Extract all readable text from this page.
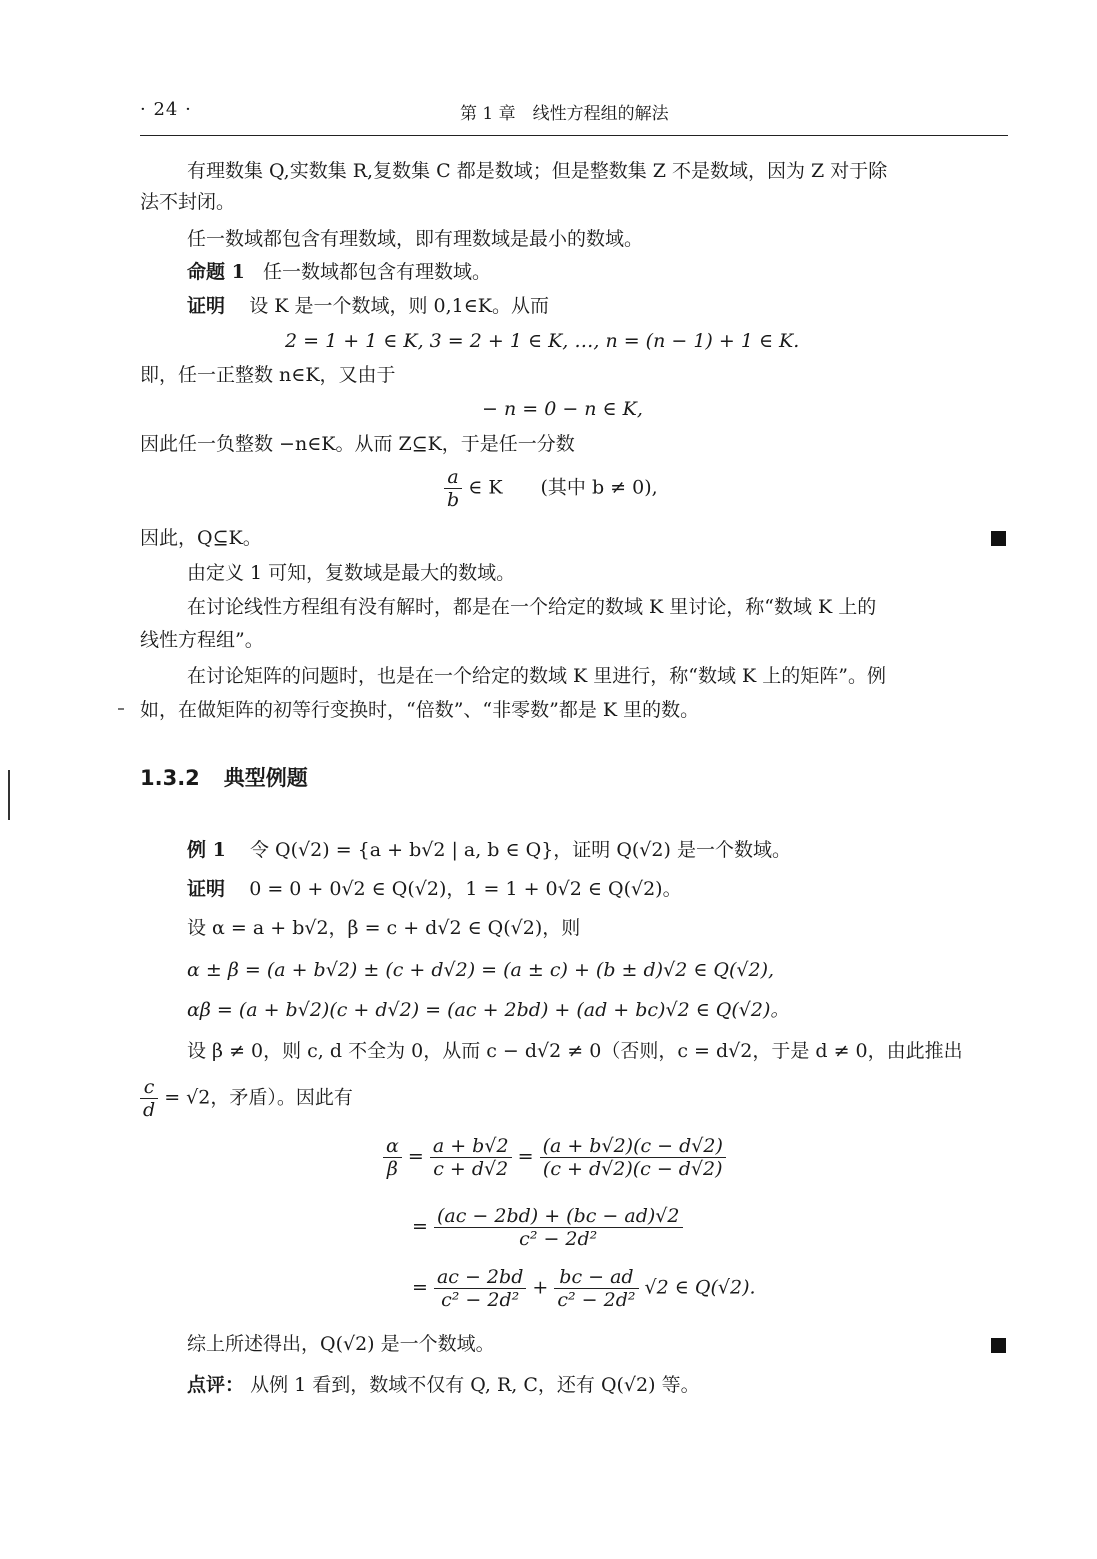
· 24 ·	第 1 章　线性方程组的解法
有理数集 Q,实数集 R,复数集 C 都是数域；但是整数集 Z 不是数域，因为 Z 对于除
法不封闭。
任一数域都包含有理数域，即有理数域是最小的数域。
命题 1 任一数域都包含有理数域。
证明 设 K 是一个数域，则 0,1∈K。从而
2 = 1 + 1 ∈ K, 3 = 2 + 1 ∈ K, …, n = (n − 1) + 1 ∈ K.
即，任一正整数 n∈K，又由于
− n = 0 − n ∈ K,
因此任一负整数 −n∈K。从而 Z⊆K，于是任一分数
$\frac{a}{b}$ ∈ K　　(其中 b ≠ 0),
因此，Q⊆K。
由定义 1 可知，复数域是最大的数域。
在讨论线性方程组有没有解时，都是在一个给定的数域 K 里讨论，称“数域 K 上的
线性方程组”。
在讨论矩阵的问题时，也是在一个给定的数域 K 里进行，称“数域 K 上的矩阵”。例
如，在做矩阵的初等行变换时，“倍数”、“非零数”都是 K 里的数。
1.3.2 典型例题
例 1 令 Q(√2) = {a + b√2 | a, b ∈ Q}，证明 Q(√2) 是一个数域。
证明 0 = 0 + 0√2 ∈ Q(√2)，1 = 1 + 0√2 ∈ Q(√2)。
设 α = a + b√2，β = c + d√2 ∈ Q(√2)，则
α ± β = (a + b√2) ± (c + d√2) = (a ± c) + (b ± d)√2 ∈ Q(√2),
αβ = (a + b√2)(c + d√2) = (ac + 2bd) + (ad + bc)√2 ∈ Q(√2)。
设 β ≠ 0，则 c, d 不全为 0，从而 c − d√2 ≠ 0（否则，c = d√2，于是 d ≠ 0，由此推出
$\frac{c}{d} = √2$，矛盾）。因此有
$\frac{\alpha}{\beta} = \frac{a + b√2}{c + d√2} = \frac{(a + b√2)(c - d√2)}{(c + d√2)(c - d√2)}$
= $\frac{(ac - 2bd) + (bc - ad)√2}{\text{c² − 2d²}}$
= $\frac{ac - 2bd}{\text{c² − 2d²}} + \frac{bc - ad}{\text{c² − 2d²}} √2$ ∈ Q(√2).
综上所述得出，Q(√2) 是一个数域。
点评： 从例 1 看到，数域不仅有 Q, R, C，还有 Q(√2) 等。
